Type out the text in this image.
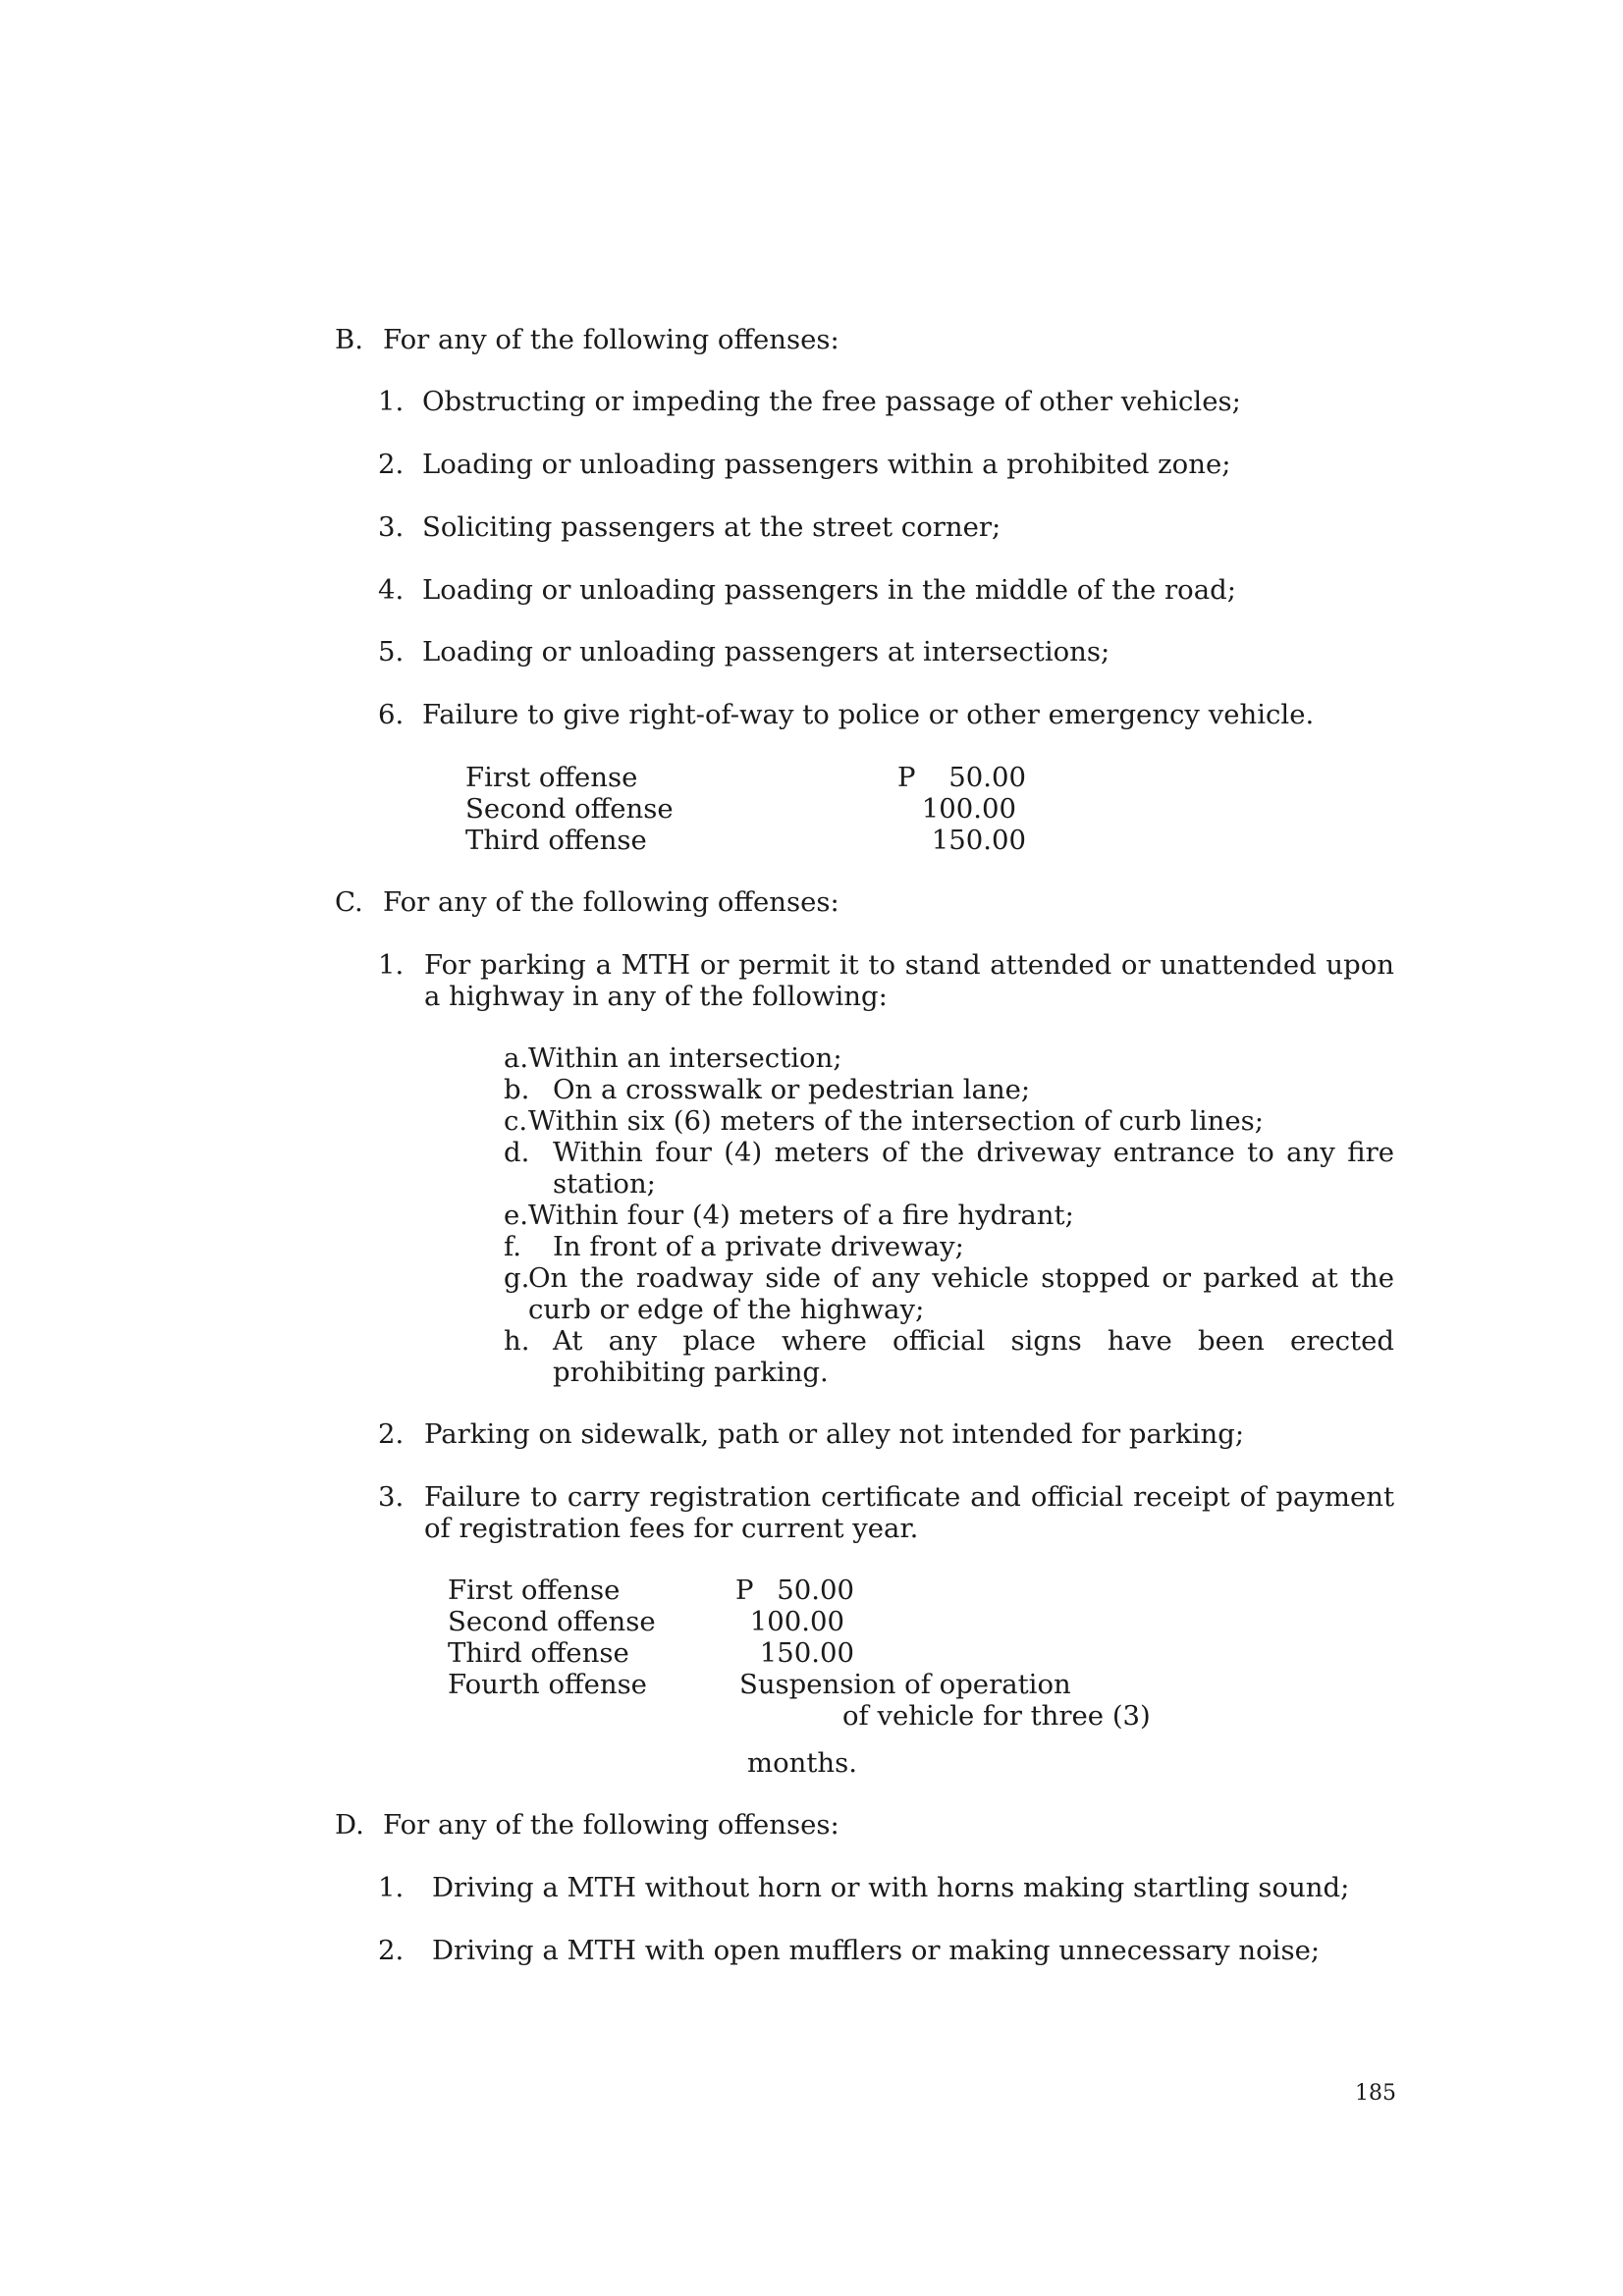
B. For any of the following offenses:
1. Obstructing or impeding the free passage of other vehicles;
2. Loading or unloading passengers within a prohibited zone;
3. Soliciting passengers at the street corner;
4. Loading or unloading passengers in the middle of the road;
5. Loading or unloading passengers at intersections;
6. Failure to give right-of-way to police or other emergency vehicle.
First offense	P	50.00
Second offense	100.00
Third offense	150.00
C. For any of the following offenses:
1. For parking a MTH or permit it to stand attended or unattended upon a highway in any of the following:
a. Within an intersection;
b. On a crosswalk or pedestrian lane;
c. Within six (6) meters of the intersection of curb lines;
d. Within four (4) meters of the driveway entrance to any fire station;
e. Within four (4) meters of a fire hydrant;
f. In front of a private driveway;
g.
On the roadway side of any vehicle stopped or parked at the curb or edge of the highway;
h. At any place where official signs have been erected prohibiting parking.
2. Parking on sidewalk, path or alley not intended for parking;
3. Failure to carry registration certificate and official receipt of payment of registration fees for current year.
First offense	P 50.00
Second offense	100.00
Third offense	150.00
Fourth offense	Suspension of operation
of vehicle for three (3)
months.
D. For any of the following offenses:
1. Driving a MTH without horn or with horns making startling sound;
2. Driving a MTH with open mufflers or making unnecessary noise;
185
